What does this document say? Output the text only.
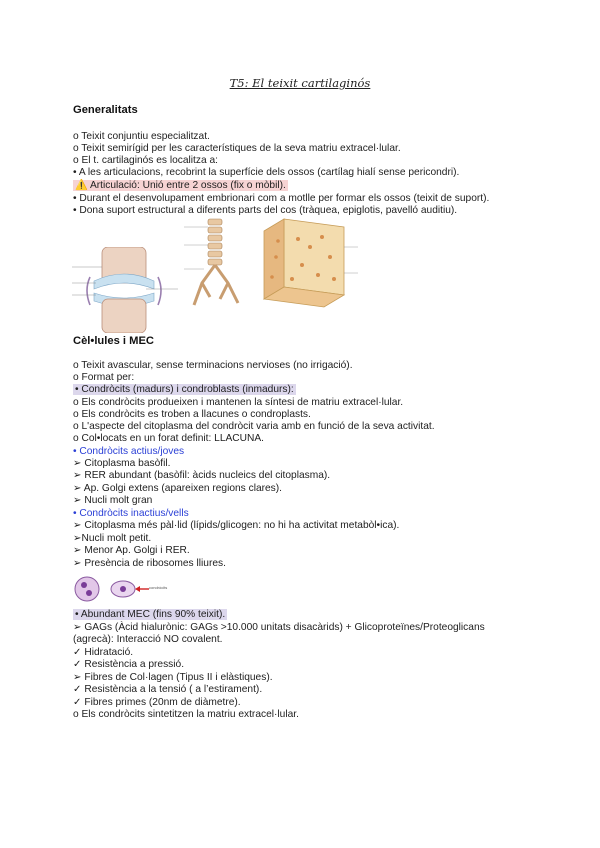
T5: El teixit cartilaginós
Generalitats
o Teixit conjuntiu especialitzat.
o Teixit semirígid per les característiques de la seva matriu extracel·lular.
o El t. cartilaginós es localitza a:
• A les articulacions, recobrint la superfície dels ossos (cartílag hialí sense pericondri).
⚠️ Articulació: Unió entre 2 ossos (fix o mòbil).
• Durant el desenvolupament embrionari com a motlle per formar els ossos (teixit de suport).
• Dona suport estructural a diferents parts del cos (tràquea, epiglotis, pavelló auditiu).
Cèl•lules i MEC
o Teixit avascular, sense terminacions nervioses (no irrigació).
o Format per:
• Condròcits (madurs) i condroblasts (inmadurs):
o Els condròcits produeixen i mantenen la síntesi de matriu extracel·lular.
o Els condròcits es troben a llacunes o condroplasts.
o L'aspecte del citoplasma del condròcit varia amb en funció de la seva activitat.
o Col•locats en un forat definit: LLACUNA.
• Condròcits actius/joves
➢ Citoplasma basòfil.
➢ RER abundant (basòfil: àcids nucleics del citoplasma).
➢ Ap. Golgi extens (apareixen regions clares).
➢ Nucli molt gran
• Condròcits inactius/vells
➢ Citoplasma més pàl·lid (lípids/glicogen: no hi ha activitat metabòl•ica).
➢Nucli molt petit.
➢ Menor Ap. Golgi i RER.
➢ Presència de ribosomes lliures.
condròcits
• Abundant MEC (fins 90% teixit).
➢ GAGs (Àcid hialurònic: GAGs >10.000 unitats disacàrids) + Glicoproteïnes/Proteoglicans
(agrecà): Interacció NO covalent.
✓ Hidratació.
✓ Resistència a pressió.
➢ Fibres de Col·lagen (Tipus II i elàstiques).
✓ Resistència a la tensió ( a l’estirament).
✓ Fibres primes (20nm de diàmetre).
o Els condròcits sintetitzen la matriu extracel·lular.
